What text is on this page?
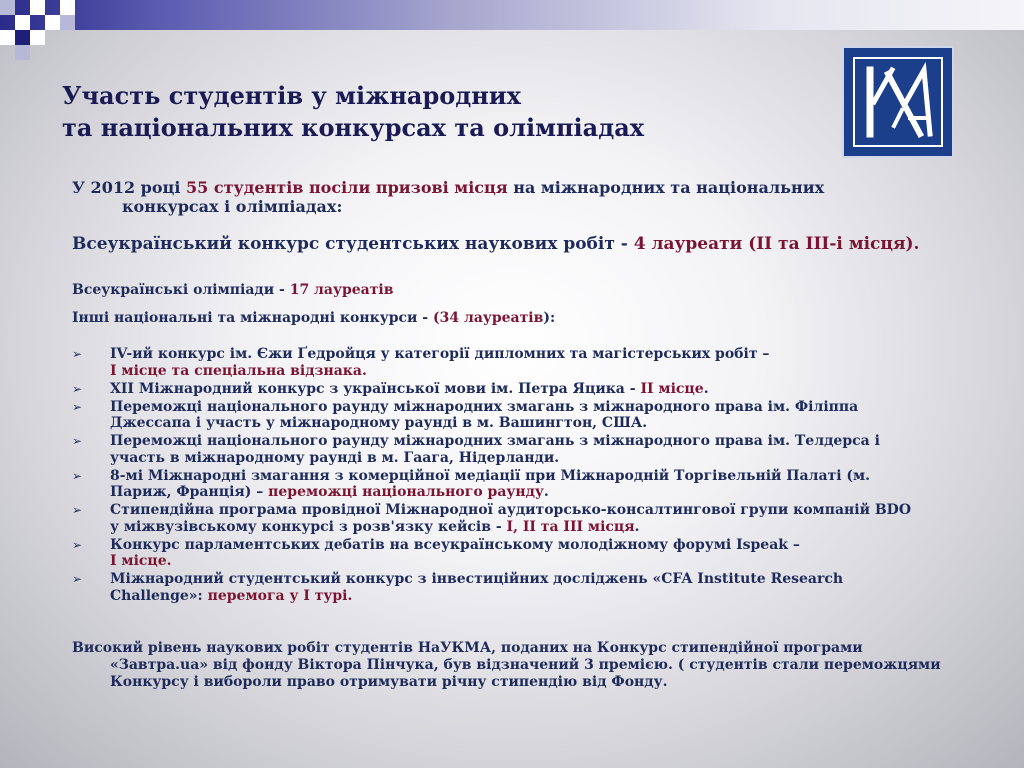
Участь студентів у міжнародних
та національних конкурсах та олімпіадах

У 2012 році 55 студентів посіли призові місця на міжнародних та національних конкурсах і олімпіадах:

Всеукраїнський конкурс студентських наукових робіт - 4 лауреати (ІІ та ІІІ-і місця).

Всеукраїнські олімпіади - 17 лауреатів

Інші національні та міжнародні конкурси - (34 лауреатів):

➢ IV-ий конкурс ім. Єжи Ґедройця у категорії дипломних та магістерських робіт –
І місце та спеціальна відзнака.
➢ ХІІ Міжнародний конкурс з української мови ім. Петра Яцика - ІІ місце.
➢ Переможці національного раунду міжнародних змагань з міжнародного права ім. Філіппа Джессапа і участь у міжнародному раунді в м. Вашингтон, США.
➢ Переможці національного раунду міжнародних змагань з міжнародного права ім. Телдерса і участь в міжнародному раунді в м. Гаага, Нідерланди.
➢ 8-мі Міжнародні змагання з комерційної медіації при Міжнародній Торгівельній Палаті (м. Париж, Франція) – переможці національного раунду.
➢ Стипендійна програма провідної Міжнародної аудиторсько-консалтингової групи компаній BDO у міжвузівському конкурсі з розв'язку кейсів - І, ІІ та ІІІ місця.
➢ Конкурс парламентських дебатів на всеукраїнському молодіжному форумі Ispeak –
І місце.
➢ Міжнародний студентський конкурс з інвестиційних досліджень «CFA Institute Research Challenge»: перемога у І турі.

Високий рівень наукових робіт студентів НаУКМА, поданих на Конкурс стипендійної програми «Завтра.ua» від фонду Віктора Пінчука, був відзначений 3 премією. ( студентів стали переможцями Конкурсу і вибороли право отримувати річну стипендію від Фонду.
